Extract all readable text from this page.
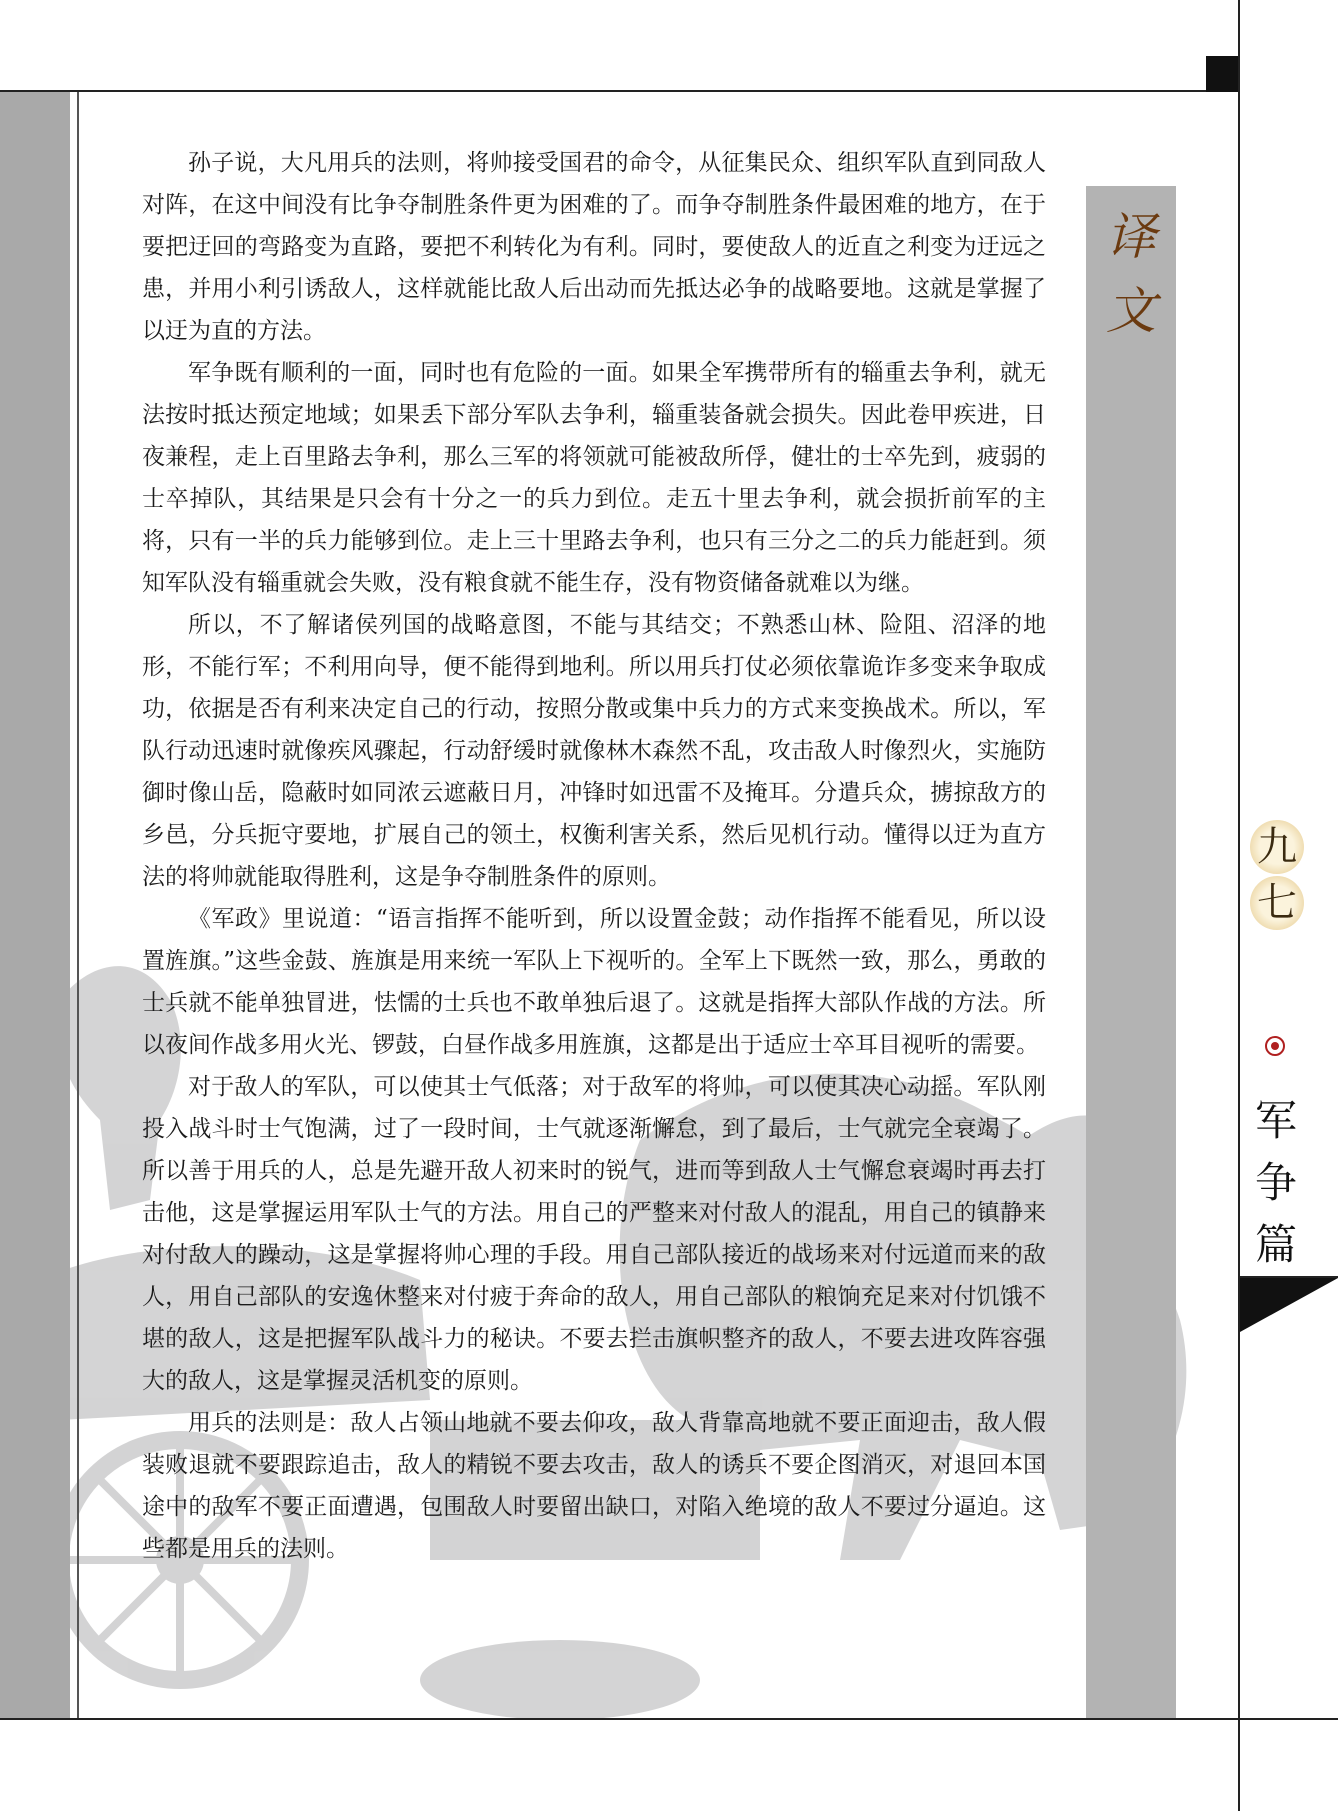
译
文
九
七
军
争
篇

孙子说，大凡用兵的法则，将帅接受国君的命令，从征集民众、组织军队直到同敌人对阵，在这中间没有比争夺制胜条件更为困难的了。而争夺制胜条件最困难的地方，在于要把迂回的弯路变为直路，要把不利转化为有利。同时，要使敌人的近直之利变为迂远之患，并用小利引诱敌人，这样就能比敌人后出动而先抵达必争的战略要地。这就是掌握了以迂为直的方法。

军争既有顺利的一面，同时也有危险的一面。如果全军携带所有的辎重去争利，就无法按时抵达预定地域；如果丢下部分军队去争利，辎重装备就会损失。因此卷甲疾进，日夜兼程，走上百里路去争利，那么三军的将领就可能被敌所俘，健壮的士卒先到，疲弱的士卒掉队，其结果是只会有十分之一的兵力到位。走五十里去争利，就会损折前军的主将，只有一半的兵力能够到位。走上三十里路去争利，也只有三分之二的兵力能赶到。须知军队没有辎重就会失败，没有粮食就不能生存，没有物资储备就难以为继。

所以，不了解诸侯列国的战略意图，不能与其结交；不熟悉山林、险阻、沼泽的地形，不能行军；不利用向导，便不能得到地利。所以用兵打仗必须依靠诡诈多变来争取成功，依据是否有利来决定自己的行动，按照分散或集中兵力的方式来变换战术。所以，军队行动迅速时就像疾风骤起，行动舒缓时就像林木森然不乱，攻击敌人时像烈火，实施防御时像山岳，隐蔽时如同浓云遮蔽日月，冲锋时如迅雷不及掩耳。分遣兵众，掳掠敌方的乡邑，分兵扼守要地，扩展自己的领土，权衡利害关系，然后见机行动。懂得以迂为直方法的将帅就能取得胜利，这是争夺制胜条件的原则。

《军政》里说道：“语言指挥不能听到，所以设置金鼓；动作指挥不能看见，所以设置旌旗。”这些金鼓、旌旗是用来统一军队上下视听的。全军上下既然一致，那么，勇敢的士兵就不能单独冒进，怯懦的士兵也不敢单独后退了。这就是指挥大部队作战的方法。所以夜间作战多用火光、锣鼓，白昼作战多用旌旗，这都是出于适应士卒耳目视听的需要。

对于敌人的军队，可以使其士气低落；对于敌军的将帅，可以使其决心动摇。军队刚投入战斗时士气饱满，过了一段时间，士气就逐渐懈怠，到了最后，士气就完全衰竭了。所以善于用兵的人，总是先避开敌人初来时的锐气，进而等到敌人士气懈怠衰竭时再去打击他，这是掌握运用军队士气的方法。用自己的严整来对付敌人的混乱，用自己的镇静来对付敌人的躁动，这是掌握将帅心理的手段。用自己部队接近的战场来对付远道而来的敌人，用自己部队的安逸休整来对付疲于奔命的敌人，用自己部队的粮饷充足来对付饥饿不堪的敌人，这是把握军队战斗力的秘诀。不要去拦击旗帜整齐的敌人，不要去进攻阵容强大的敌人，这是掌握灵活机变的原则。

用兵的法则是：敌人占领山地就不要去仰攻，敌人背靠高地就不要正面迎击，敌人假装败退就不要跟踪追击，敌人的精锐不要去攻击，敌人的诱兵不要企图消灭，对退回本国途中的敌军不要正面遭遇，包围敌人时要留出缺口，对陷入绝境的敌人不要过分逼迫。这些都是用兵的法则。
